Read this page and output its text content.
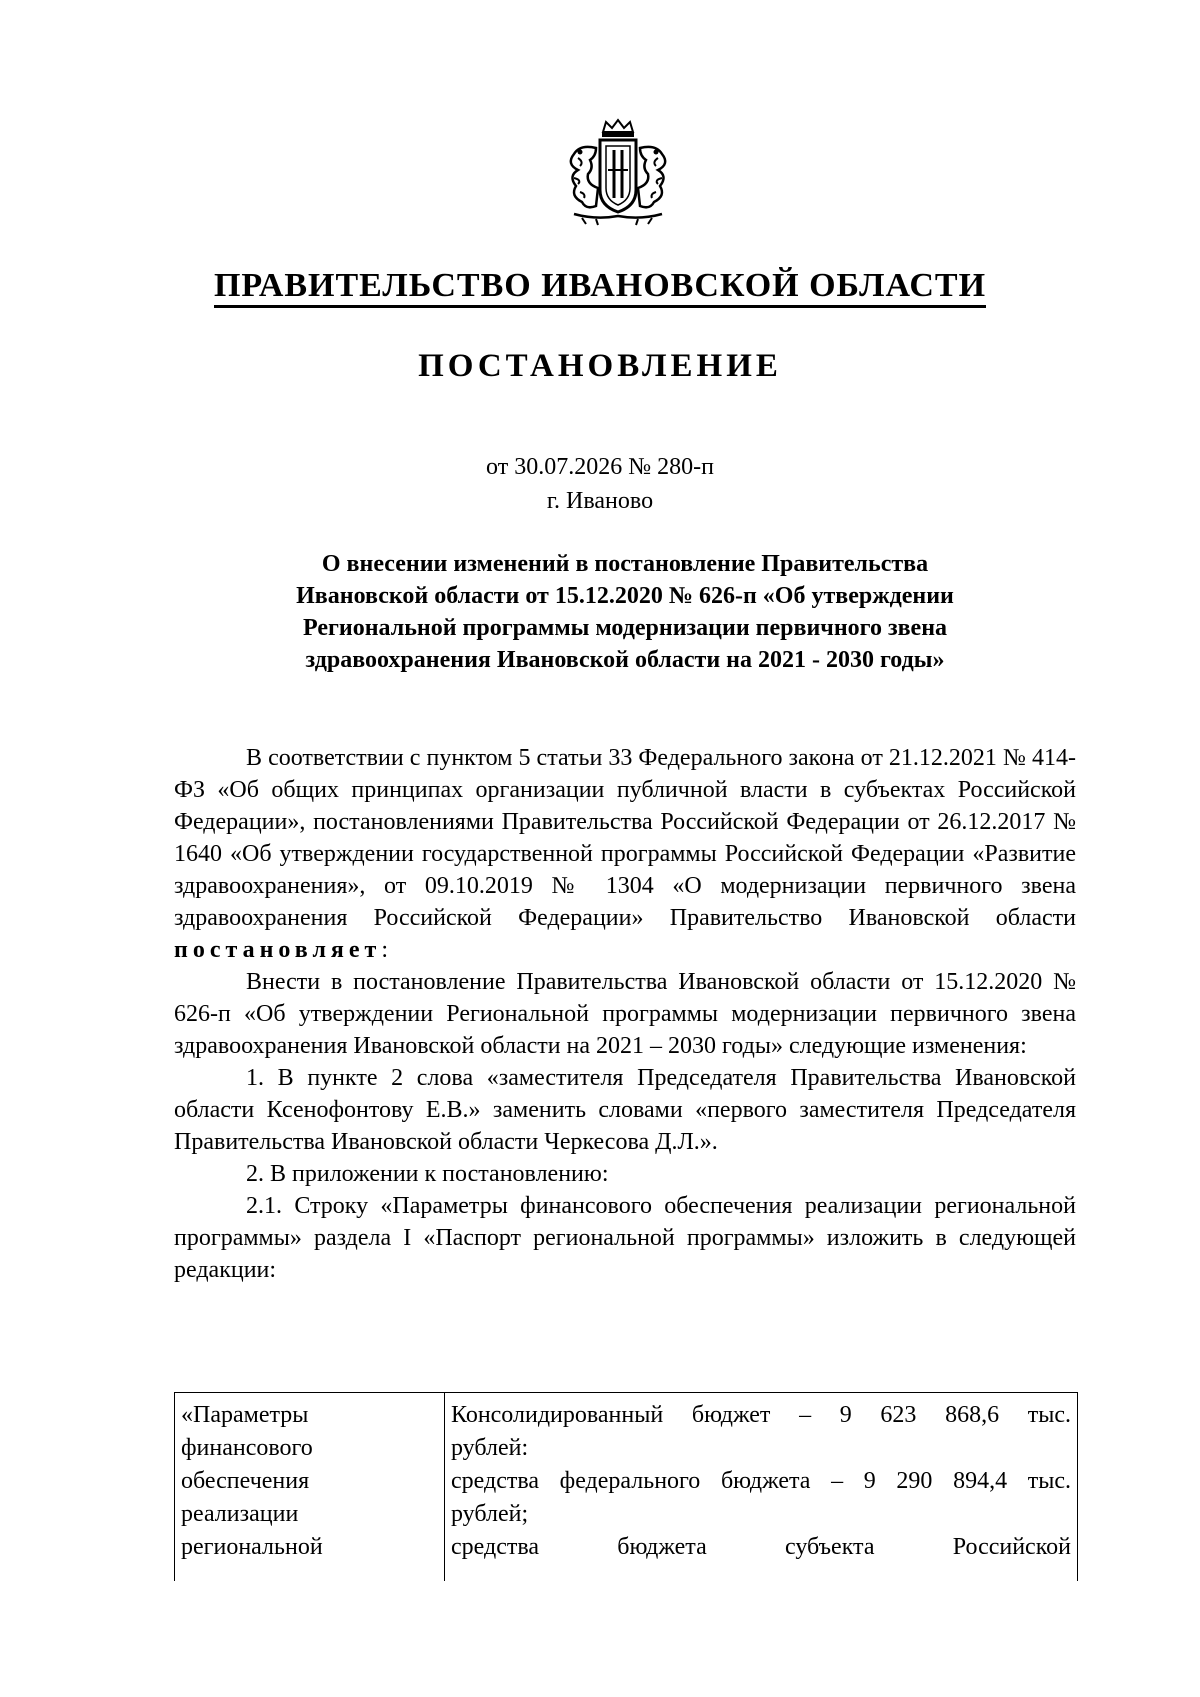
ПРАВИТЕЛЬСТВО ИВАНОВСКОЙ ОБЛАСТИ
ПОСТАНОВЛЕНИЕ
от 30.07.2026 № 280-п
г. Иваново
О внесении изменений в постановление Правительства
Ивановской области от 15.12.2020 № 626-п «Об утверждении
Региональной программы модернизации первичного звена
здравоохранения Ивановской области на 2021 - 2030 годы»
В соответствии с пунктом 5 статьи 33 Федерального закона от 21.12.2021 № 414-ФЗ «Об общих принципах организации публичной власти в субъектах Российской Федерации», постановлениями Правительства Российской Федерации от 26.12.2017 № 1640 «Об утверждении государственной программы Российской Федерации «Развитие здравоохранения», от 09.10.2019 № 1304 «О модернизации первичного звена здравоохранения Российской Федерации» Правительство Ивановской области постановляет:
Внести в постановление Правительства Ивановской области от 15.12.2020 № 626-п «Об утверждении Региональной программы модернизации первичного звена здравоохранения Ивановской области на 2021 – 2030 годы» следующие изменения:
1. В пункте 2 слова «заместителя Председателя Правительства Ивановской области Ксенофонтову Е.В.» заменить словами «первого заместителя Председателя Правительства Ивановской области Черкесова Д.Л.».
2. В приложении к постановлению:
2.1. Строку «Параметры финансового обеспечения реализации региональной программы» раздела I «Паспорт региональной программы» изложить в следующей редакции:
«Параметры
финансового
обеспечения
реализации
региональной
Консолидированный бюджет – 9 623 868,6 тыс.
рублей:
средства федерального бюджета – 9 290 894,4 тыс.
рублей;
средства бюджета субъекта Российской
